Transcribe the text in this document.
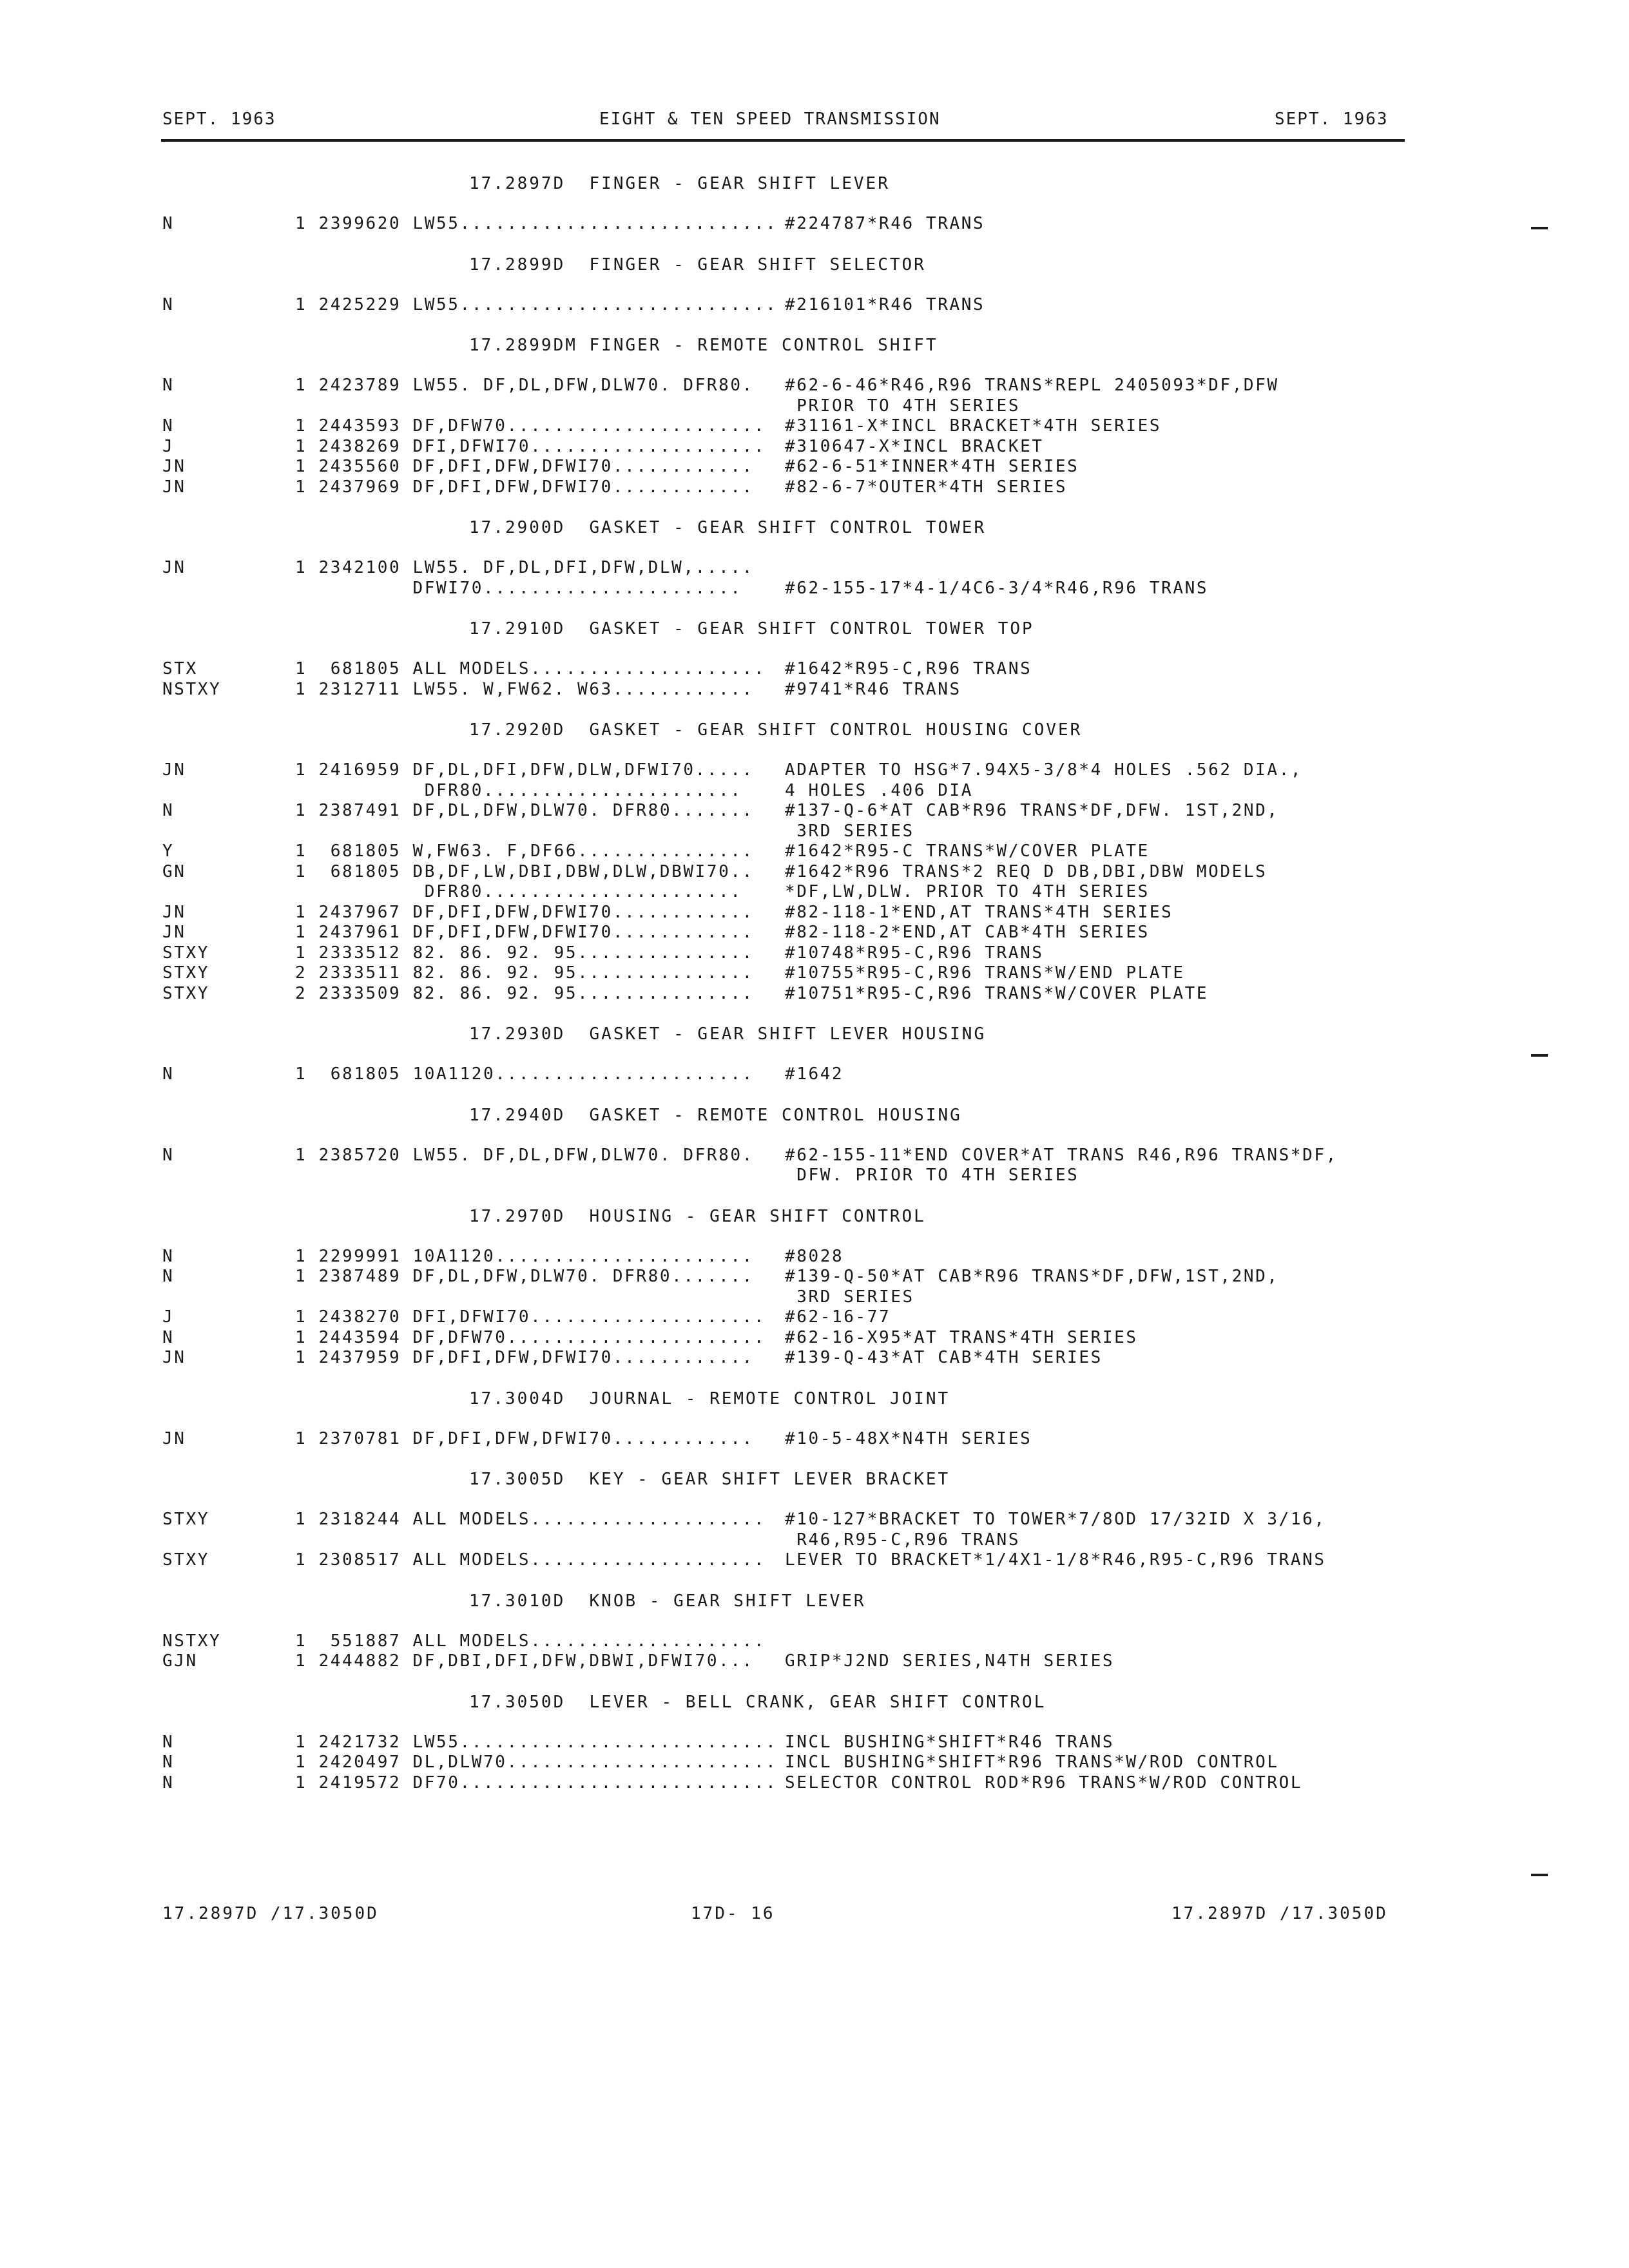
SEPT. 1963	EIGHT & TEN SPEED TRANSMISSION	SEPT. 1963
17.2897D  FINGER - GEAR SHIFT LEVER
N	1 2399620 LW55........................... #224787*R46 TRANS
17.2899D  FINGER - GEAR SHIFT SELECTOR
N	1 2425229 LW55........................... #216101*R46 TRANS
17.2899DM FINGER - REMOTE CONTROL SHIFT
N	1 2423789 LW55. DF,DL,DFW,DLW70. DFR80. #62-6-46*R46,R96 TRANS*REPL 2405093*DF,DFW
PRIOR TO 4TH SERIES
N	1 2443593 DF,DFW70...................... #31161-X*INCL BRACKET*4TH SERIES
J	1 2438269 DFI,DFWI70.................... #310647-X*INCL BRACKET
JN	1 2435560 DF,DFI,DFW,DFWI70............ #62-6-51*INNER*4TH SERIES
JN	1 2437969 DF,DFI,DFW,DFWI70............ #82-6-7*OUTER*4TH SERIES
17.2900D  GASKET - GEAR SHIFT CONTROL TOWER
JN	1 2342100 LW55. DF,DL,DFI,DFW,DLW,.....
DFWI70......................	#62-155-17*4-1/4C6-3/4*R46,R96 TRANS
17.2910D  GASKET - GEAR SHIFT CONTROL TOWER TOP
STX	1  681805 ALL MODELS.................... #1642*R95-C,R96 TRANS
NSTXY	1 2312711 LW55. W,FW62. W63............ #9741*R46 TRANS
17.2920D  GASKET - GEAR SHIFT CONTROL HOUSING COVER
JN	1 2416959 DF,DL,DFI,DFW,DLW,DFWI70..... ADAPTER TO HSG*7.94X5-3/8*4 HOLES .562 DIA.,
DFR80......................	4 HOLES .406 DIA
N	1 2387491 DF,DL,DFW,DLW70. DFR80....... #137-Q-6*AT CAB*R96 TRANS*DF,DFW. 1ST,2ND,
3RD SERIES
Y	1  681805 W,FW63. F,DF66............... #1642*R95-C TRANS*W/COVER PLATE
GN	1  681805 DB,DF,LW,DBI,DBW,DLW,DBWI70.. #1642*R96 TRANS*2 REQ D DB,DBI,DBW MODELS
DFR80......................	*DF,LW,DLW. PRIOR TO 4TH SERIES
JN	1 2437967 DF,DFI,DFW,DFWI70............ #82-118-1*END,AT TRANS*4TH SERIES
JN	1 2437961 DF,DFI,DFW,DFWI70............ #82-118-2*END,AT CAB*4TH SERIES
STXY	1 2333512 82. 86. 92. 95............... #10748*R95-C,R96 TRANS
STXY	2 2333511 82. 86. 92. 95............... #10755*R95-C,R96 TRANS*W/END PLATE
STXY	2 2333509 82. 86. 92. 95............... #10751*R95-C,R96 TRANS*W/COVER PLATE
17.2930D  GASKET - GEAR SHIFT LEVER HOUSING
N	1  681805 10A1120...................... #1642
17.2940D  GASKET - REMOTE CONTROL HOUSING
N	1 2385720 LW55. DF,DL,DFW,DLW70. DFR80. #62-155-11*END COVER*AT TRANS R46,R96 TRANS*DF,
DFW. PRIOR TO 4TH SERIES
17.2970D  HOUSING - GEAR SHIFT CONTROL
N	1 2299991 10A1120...................... #8028
N	1 2387489 DF,DL,DFW,DLW70. DFR80....... #139-Q-50*AT CAB*R96 TRANS*DF,DFW,1ST,2ND,
3RD SERIES
J	1 2438270 DFI,DFWI70.................... #62-16-77
N	1 2443594 DF,DFW70...................... #62-16-X95*AT TRANS*4TH SERIES
JN	1 2437959 DF,DFI,DFW,DFWI70............ #139-Q-43*AT CAB*4TH SERIES
17.3004D  JOURNAL - REMOTE CONTROL JOINT
JN	1 2370781 DF,DFI,DFW,DFWI70............ #10-5-48X*N4TH SERIES
17.3005D  KEY - GEAR SHIFT LEVER BRACKET
STXY	1 2318244 ALL MODELS.................... #10-127*BRACKET TO TOWER*7/8OD 17/32ID X 3/16,
R46,R95-C,R96 TRANS
STXY	1 2308517 ALL MODELS.................... LEVER TO BRACKET*1/4X1-1/8*R46,R95-C,R96 TRANS
17.3010D  KNOB - GEAR SHIFT LEVER
NSTXY	1  551887 ALL MODELS....................
GJN	1 2444882 DF,DBI,DFI,DFW,DBWI,DFWI70... GRIP*J2ND SERIES,N4TH SERIES
17.3050D  LEVER - BELL CRANK, GEAR SHIFT CONTROL
N	1 2421732 LW55........................... INCL BUSHING*SHIFT*R46 TRANS
N	1 2420497 DL,DLW70....................... INCL BUSHING*SHIFT*R96 TRANS*W/ROD CONTROL
N	1 2419572 DF70........................... SELECTOR CONTROL ROD*R96 TRANS*W/ROD CONTROL
17.2897D /17.3050D	17D- 16	17.2897D /17.3050D
